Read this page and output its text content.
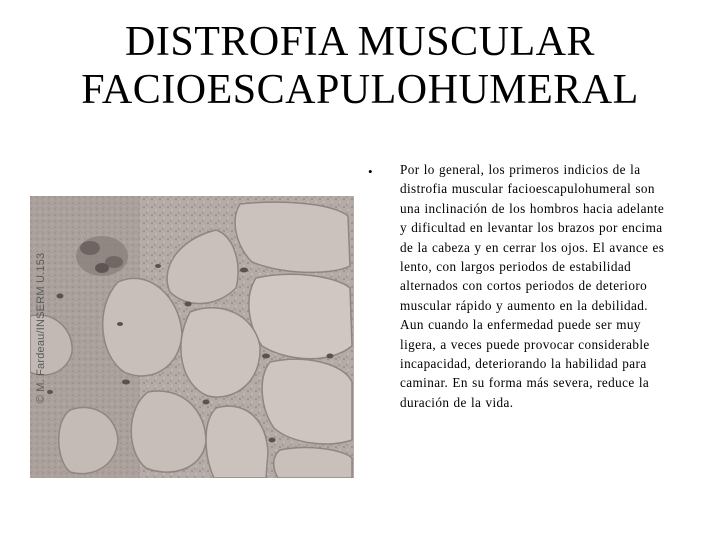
DISTROFIA MUSCULAR
FACIOESCAPULOHUMERAL
© M. Fardeau/INSERM U.153
• Por lo general, los primeros indicios de la distrofia muscular facioescapulohumeral son una inclinación de los hombros hacia adelante y dificultad en levantar los brazos por encima de la cabeza y en cerrar los ojos. El avance es lento, con largos periodos de estabilidad alternados con cortos periodos de deterioro muscular rápido y aumento en la debilidad. Aun cuando la enfermedad puede ser muy ligera, a veces puede provocar considerable incapacidad, deteriorando la habilidad para caminar. En su forma más severa, reduce la duración de la vida.
